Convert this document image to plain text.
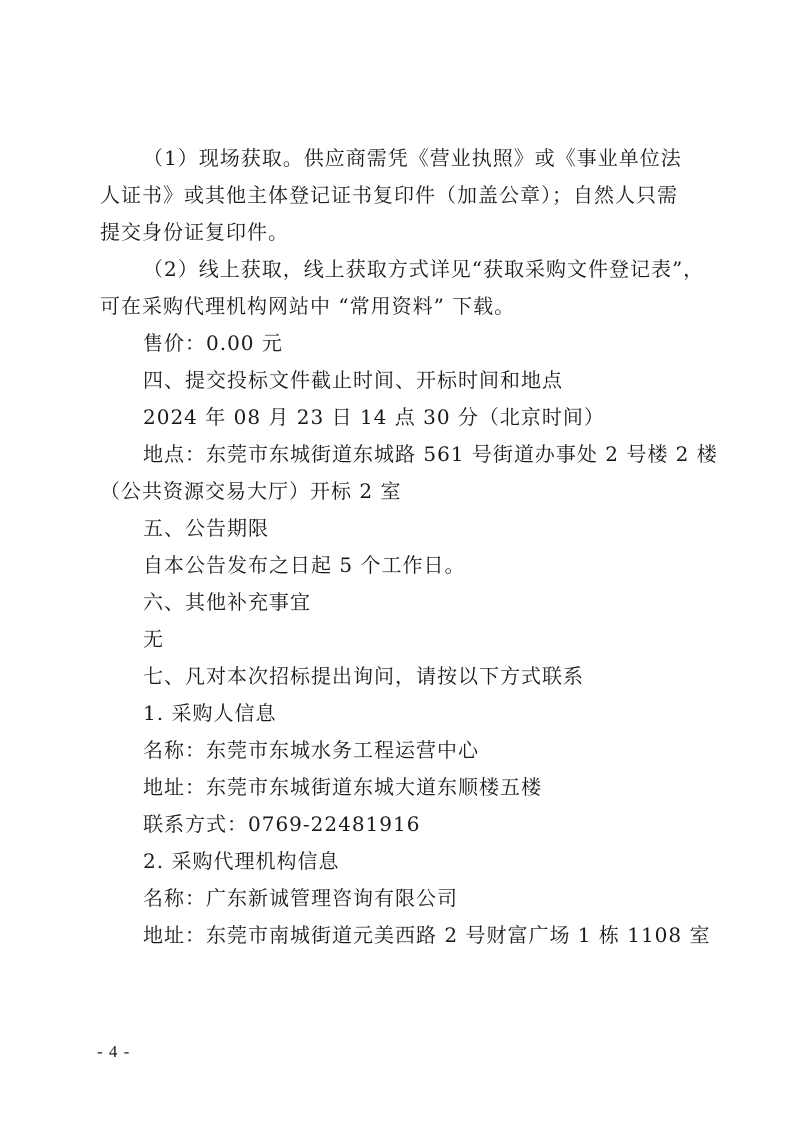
（1）现场获取。供应商需凭《营业执照》或《事业单位法
人证书》或其他主体登记证书复印件（加盖公章）；自然人只需
提交身份证复印件。
（2）线上获取，线上获取方式详见“获取采购文件登记表”，
可在采购代理机构网站中 “常用资料” 下载。
售价：0.00 元
四、提交投标文件截止时间、开标时间和地点
2024 年 08 月 23 日 14 点 30 分（北京时间）
地点：东莞市东城街道东城路 561 号街道办事处 2 号楼 2 楼
（公共资源交易大厅）开标 2 室
五、公告期限
自本公告发布之日起 5 个工作日。
六、其他补充事宜
无
七、凡对本次招标提出询问，请按以下方式联系
1. 采购人信息
名称：东莞市东城水务工程运营中心
地址：东莞市东城街道东城大道东顺楼五楼
联系方式：0769-22481916
2. 采购代理机构信息
名称：广东新诚管理咨询有限公司
地址：东莞市南城街道元美西路 2 号财富广场 1 栋 1108 室
- 4 -
